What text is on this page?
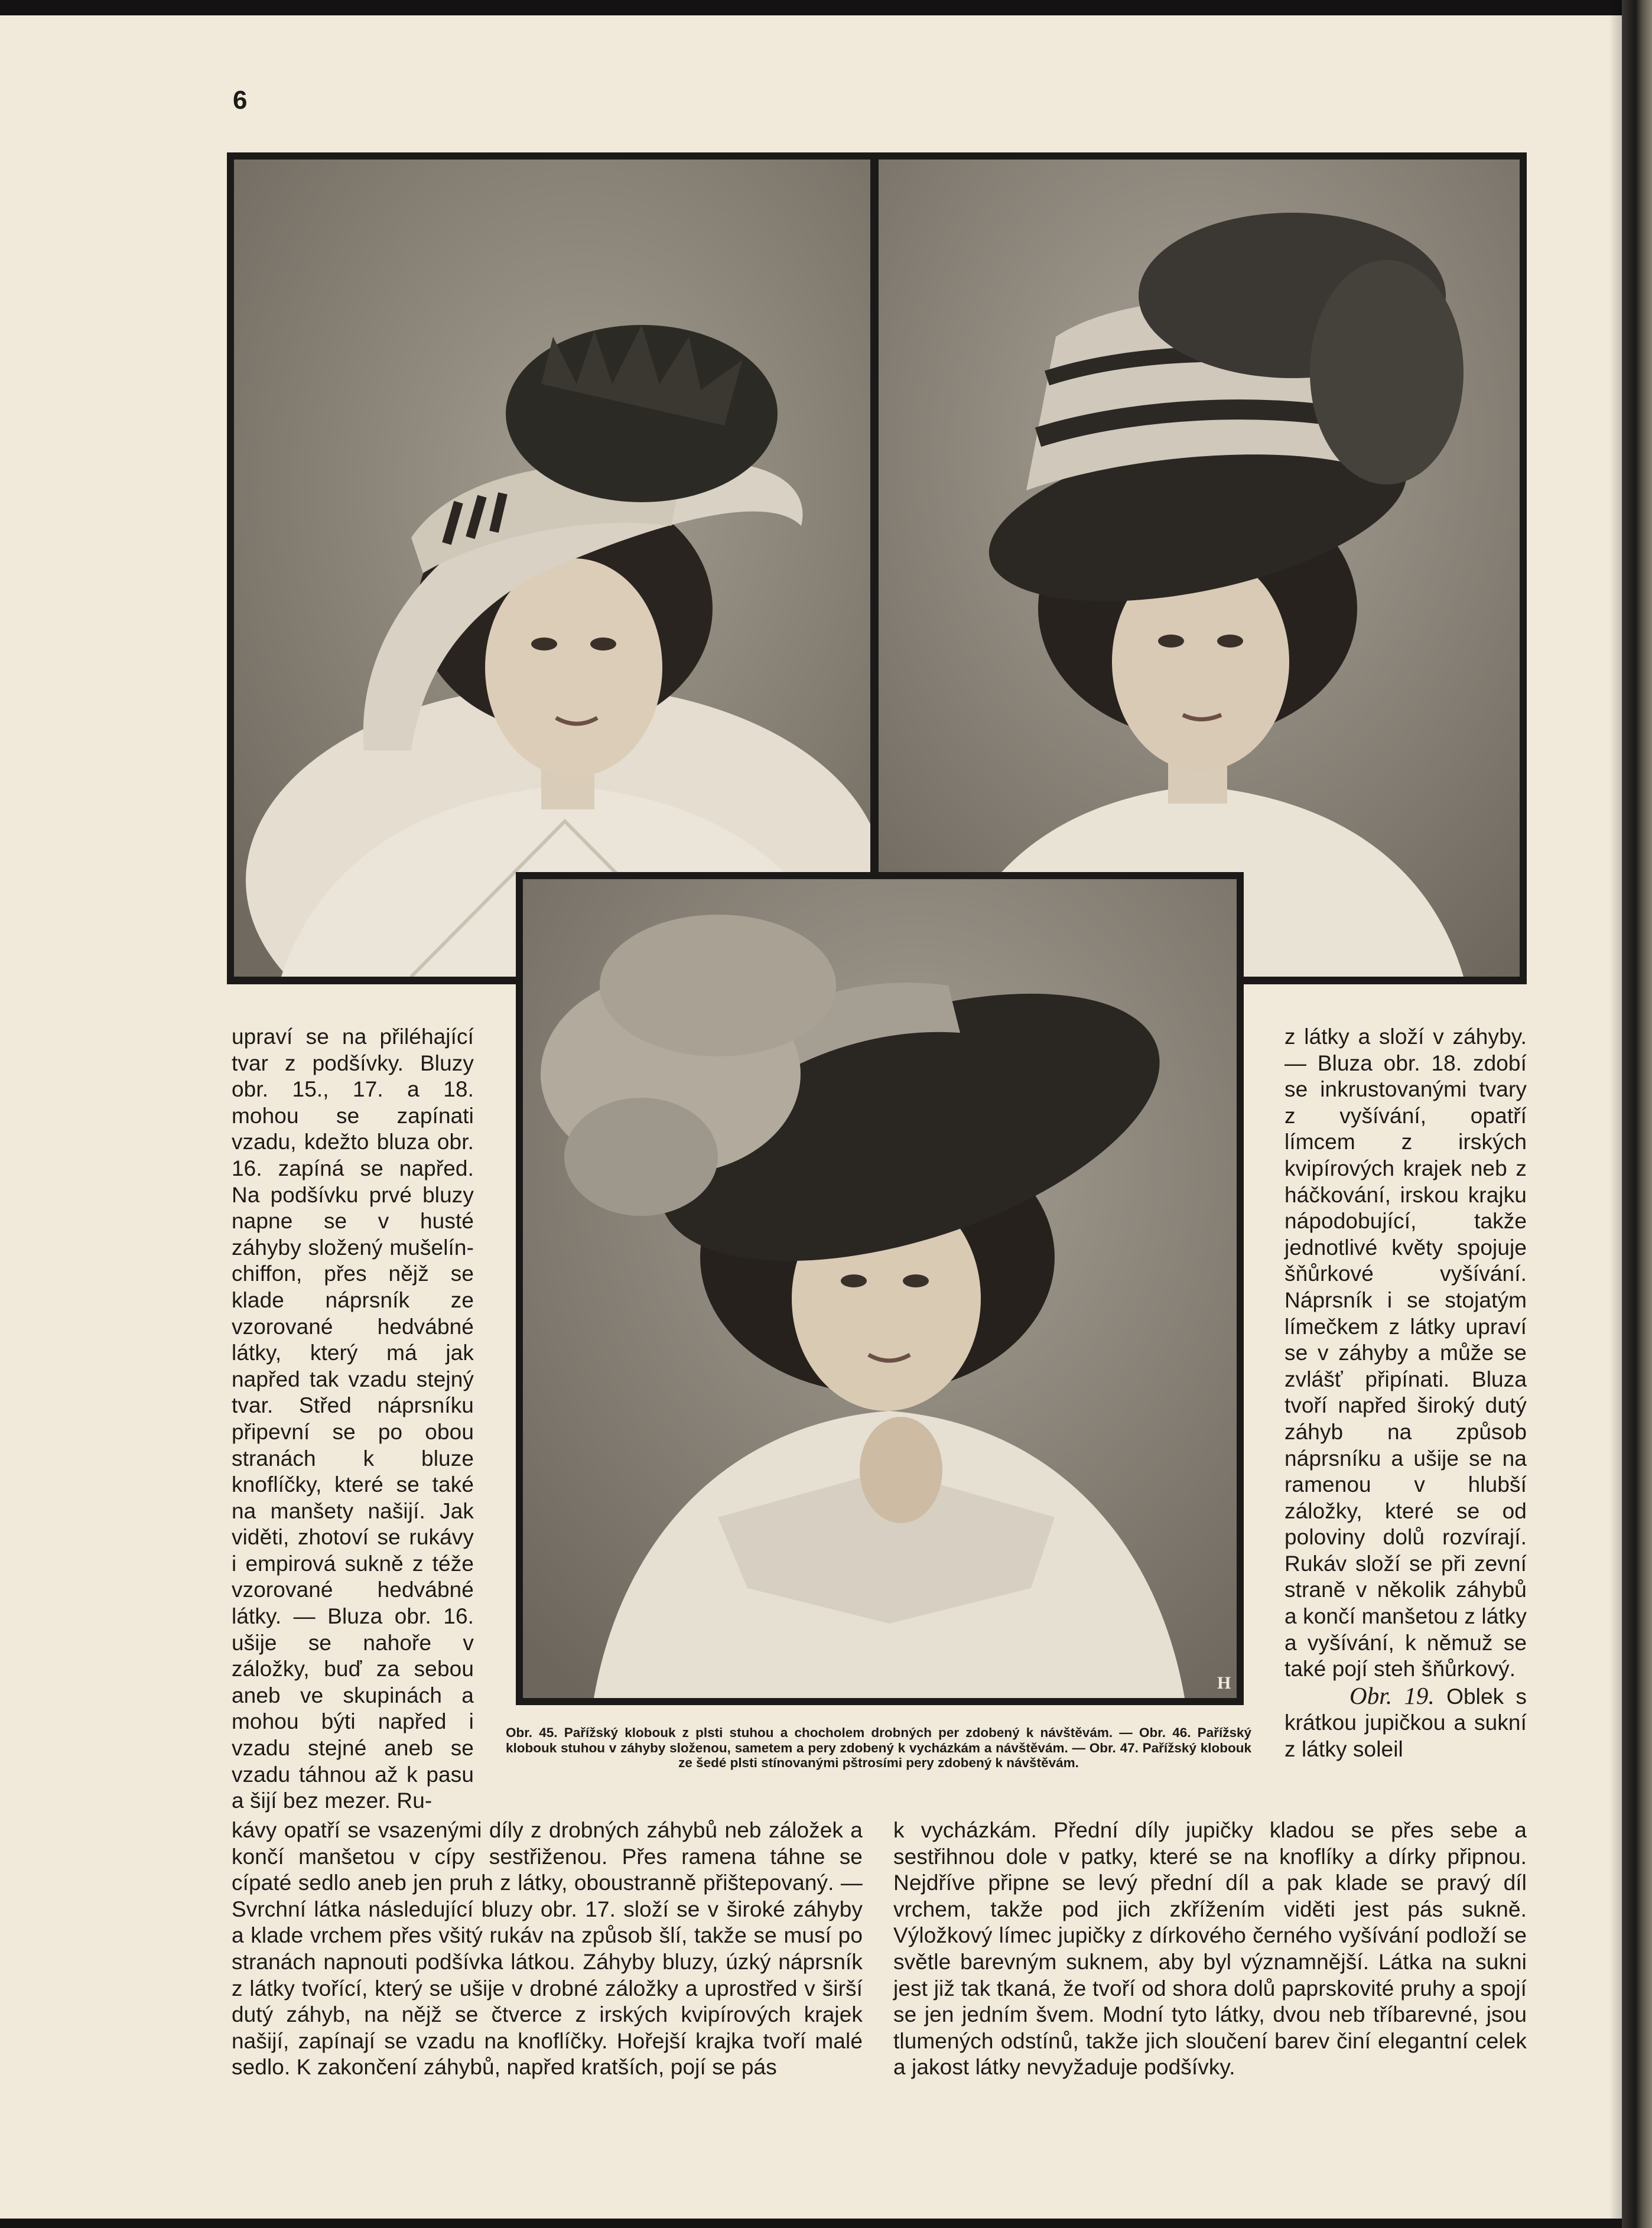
6

upraví se na přiléhající tvar z podšívky. Bluzy obr. 15., 17. a 18. mohou se zapínati vzadu, kdežto bluza obr. 16. zapíná se napřed. Na podšívku prvé bluzy napne se v husté záhyby složený mušelín-chiffon, přes nějž se klade náprsník ze vzorované hedvábné látky, který má jak napřed tak vzadu stejný tvar. Střed náprsníku připevní se po obou stranách k bluze knoflíčky, které se také na manšety našijí. Jak viděti, zhotoví se rukávy i empirová sukně z téže vzorované hedvábné látky. — Bluza obr. 16. ušije se nahoře v záložky, buď za sebou aneb ve skupinách a mohou býti napřed i vzadu stejné aneb se vzadu táhnou až k pasu a šijí bez mezer. Ru-

z látky a složí v záhyby. — Bluza obr. 18. zdobí se inkrustovanými tvary z vyšívání, opatří límcem z irských kvipírových krajek neb z háčkování, irskou krajku nápodobující, takže jednotlivé květy spojuje šňůrkové vyšívání. Náprsník i se stojatým límečkem z látky upraví se v záhyby a může se zvlášť připínati. Bluza tvoří napřed široký dutý záhyb na způsob náprsníku a ušije se na ramenou v hlubší záložky, které se od poloviny dolů rozvírají. Rukáv složí se při zevní straně v několik záhybů a končí manšetou z látky a vyšívání, k němuž se také pojí steh šňůrkový.

Obr. 19. Oblek s krátkou jupičkou a sukní z látky soleil

Obr. 45. Pařížský klobouk z plsti stuhou a chocholem drobných per zdobený k návštěvám. — Obr. 46. Pařížský klobouk stuhou v záhyby složenou, sametem a pery zdobený k vycházkám a návštěvám. — Obr. 47. Pařížský klobouk ze šedé plsti stínovanými pštrosími pery zdobený k návštěvám.

H

kávy opatří se vsazenými díly z drobných záhybů neb záložek a končí manšetou v cípy sestřiženou. Přes ramena táhne se cípaté sedlo aneb jen pruh z látky, oboustranně přištepovaný. — Svrchní látka následující bluzy obr. 17. složí se v široké záhyby a klade vrchem přes všitý rukáv na způsob šlí, takže se musí po stranách napnouti podšívka látkou. Záhyby bluzy, úzký náprsník z látky tvořící, který se ušije v drobné záložky a uprostřed v širší dutý záhyb, na nějž se čtverce z irských kvipírových krajek našijí, zapínají se vzadu na knoflíčky. Hořejší krajka tvoří malé sedlo. K zakončení záhybů, napřed kratších, pojí se pás

k vycházkám. Přední díly jupičky kladou se přes sebe a sestřihnou dole v patky, které se na knoflíky a dírky připnou. Nejdříve připne se levý přední díl a pak klade se pravý díl vrchem, takže pod jich zkřížením viděti jest pás sukně. Výložkový límec jupičky z dírkového černého vyšívání podloží se světle barevným suknem, aby byl významnější. Látka na sukni jest již tak tkaná, že tvoří od shora dolů paprskovité pruhy a spojí se jen jedním švem. Modní tyto látky, dvou neb tříbarevné, jsou tlumených odstínů, takže jich sloučení barev činí elegantní celek a jakost látky nevyžaduje podšívky.
